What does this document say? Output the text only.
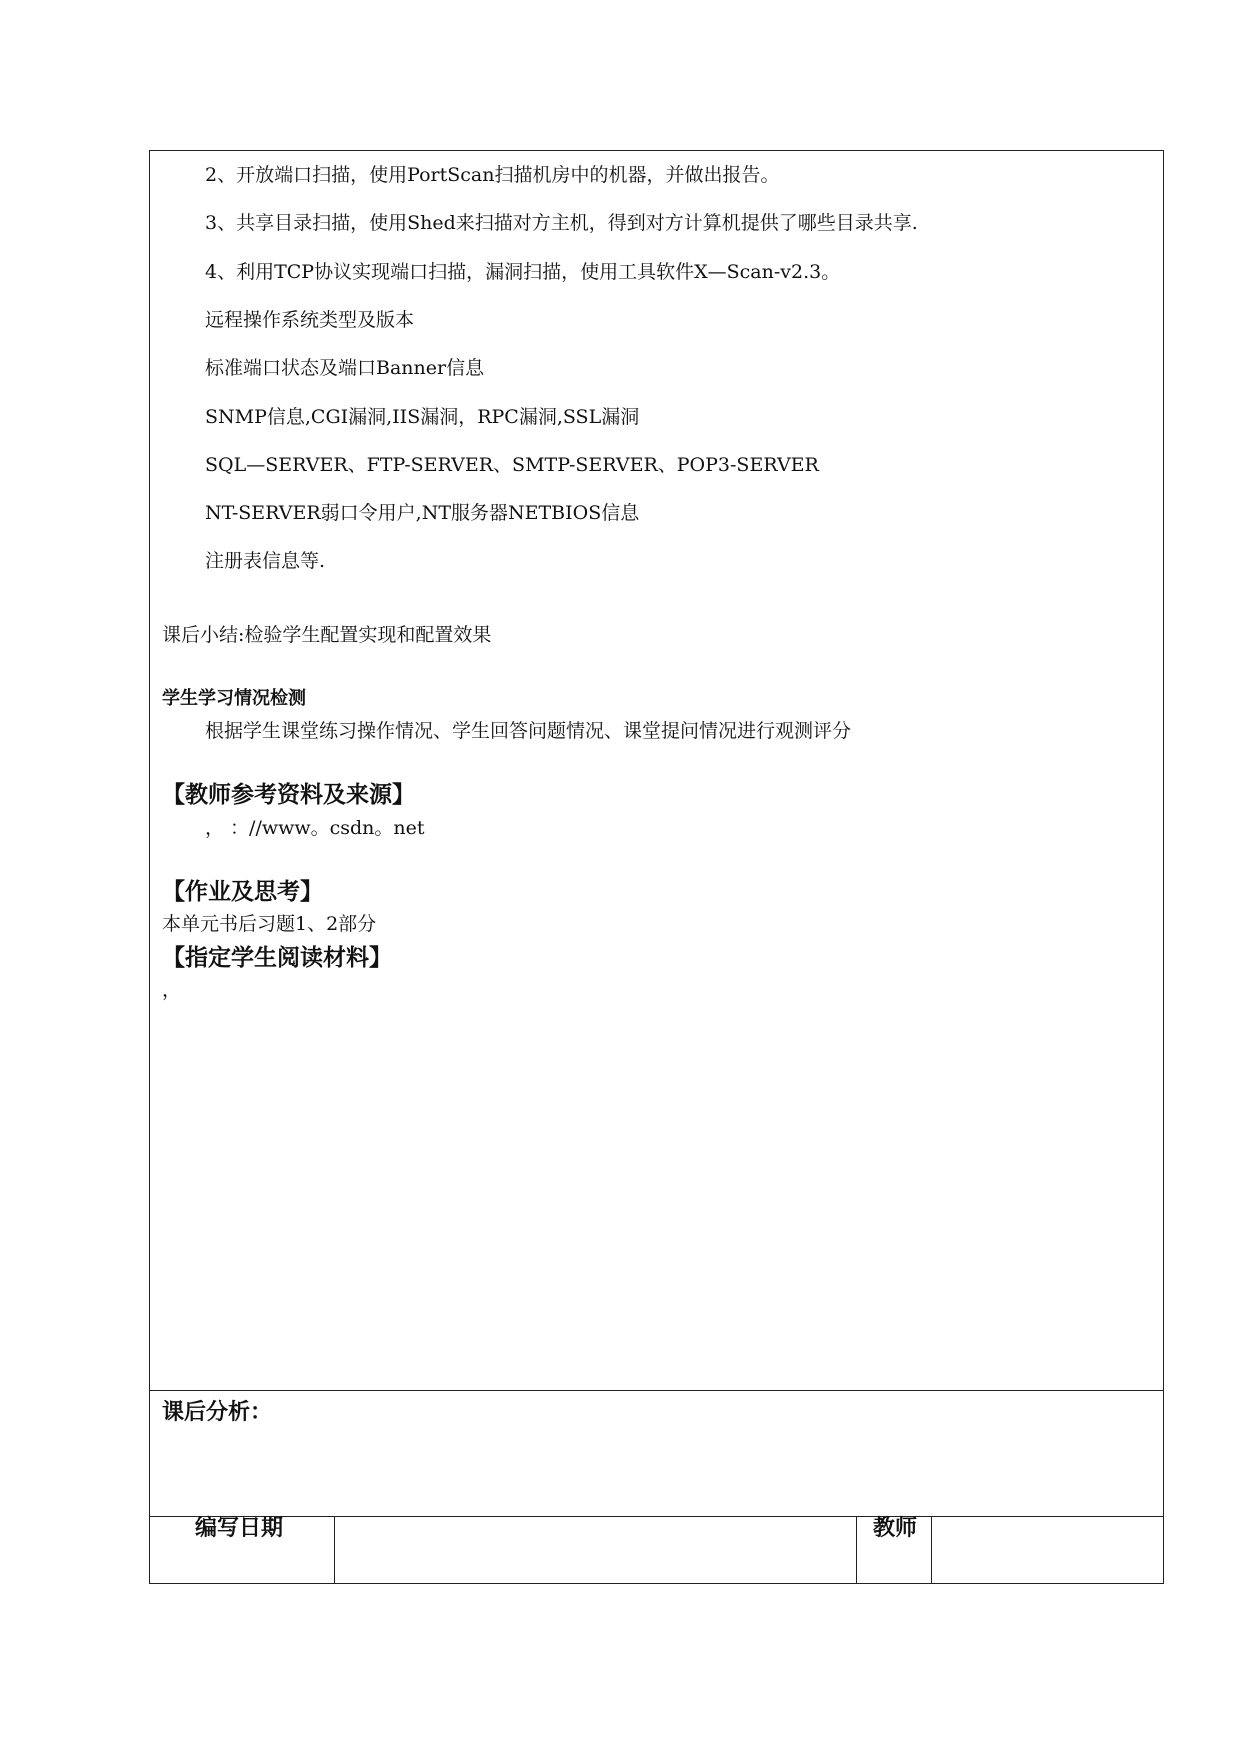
2、开放端口扫描，使用PortScan扫描机房中的机器，并做出报告。
3、共享目录扫描，使用Shed来扫描对方主机，得到对方计算机提供了哪些目录共享.
4、利用TCP协议实现端口扫描，漏洞扫描，使用工具软件X—Scan-v2.3。
远程操作系统类型及版本
标准端口状态及端口Banner信息
SNMP信息,CGI漏洞,IIS漏洞，RPC漏洞,SSL漏洞
SQL—SERVER、FTP-SERVER、SMTP-SERVER、POP3-SERVER
NT-SERVER弱口令用户,NT服务器NETBIOS信息
注册表信息等.
课后小结:检验学生配置实现和配置效果
学生学习情况检测
根据学生课堂练习操作情况、学生回答问题情况、课堂提问情况进行观测评分
【教师参考资料及来源】
， ：//www。csdn。net
【作业及思考】
本单元书后习题1、2部分
【指定学生阅读材料】
，
课后分析：
编写日期	教师
